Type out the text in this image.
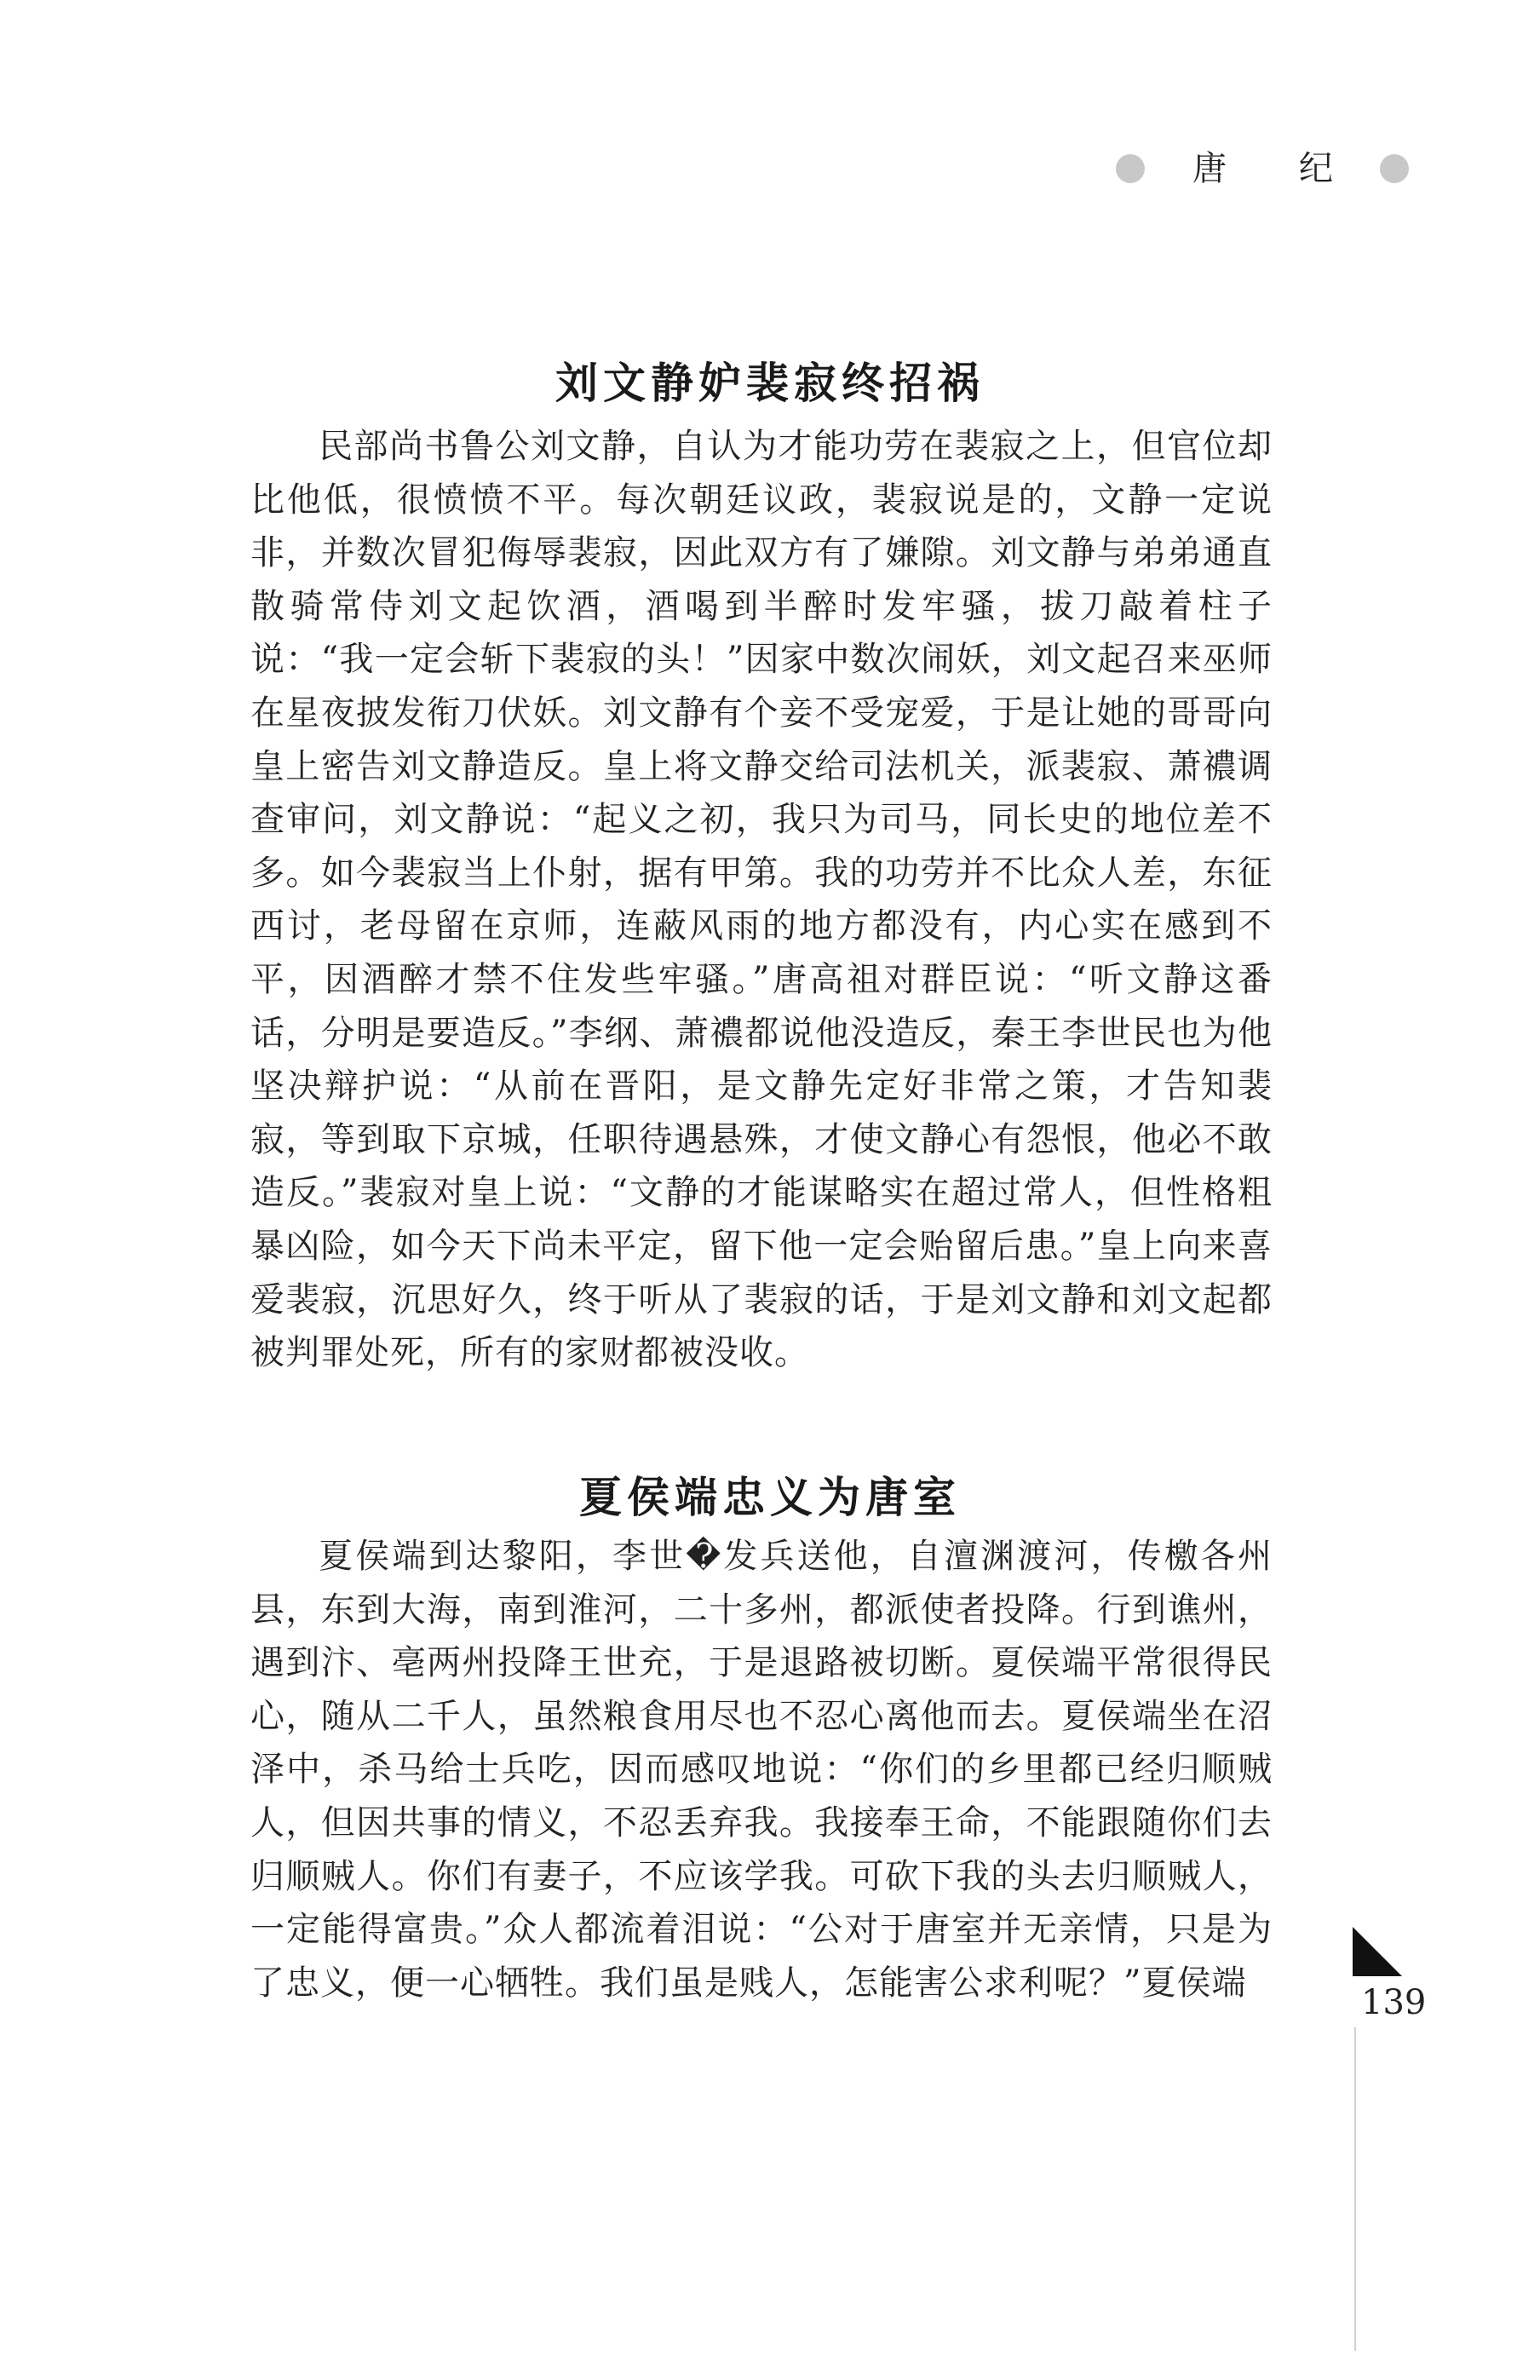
唐 纪
刘文静妒裴寂终招祸

民部尚书鲁公刘文静，自认为才能功劳在裴寂之上，但官位却比他低，很愤愤不平。每次朝廷议政，裴寂说是的，文静一定说非，并数次冒犯侮辱裴寂，因此双方有了嫌隙。刘文静与弟弟通直散骑常侍刘文起饮酒，酒喝到半醉时发牢骚，拔刀敲着柱子说：“我一定会斩下裴寂的头！”因家中数次闹妖，刘文起召来巫师在星夜披发衔刀伏妖。刘文静有个妾不受宠爱，于是让她的哥哥向皇上密告刘文静造反。皇上将文静交给司法机关，派裴寂、萧禯调查审问，刘文静说：“起义之初，我只为司马，同长史的地位差不多。如今裴寂当上仆射，据有甲第。我的功劳并不比众人差，东征西讨，老母留在京师，连蔽风雨的地方都没有，内心实在感到不平，因酒醉才禁不住发些牢骚。”唐高祖对群臣说：“听文静这番话，分明是要造反。”李纲、萧禯都说他没造反，秦王李世民也为他坚决辩护说：“从前在晋阳，是文静先定好非常之策，才告知裴寂，等到取下京城，任职待遇悬殊，才使文静心有怨恨，他必不敢造反。”裴寂对皇上说：“文静的才能谋略实在超过常人，但性格粗暴凶险，如今天下尚未平定，留下他一定会贻留后患。”皇上向来喜爱裴寂，沉思好久，终于听从了裴寂的话，于是刘文静和刘文起都被判罪处死，所有的家财都被没收。

夏侯端忠义为唐室

夏侯端到达黎阳，李世�发兵送他，自澶渊渡河，传檄各州县，东到大海，南到淮河，二十多州，都派使者投降。行到谯州，遇到汴、亳两州投降王世充，于是退路被切断。夏侯端平常很得民心，随从二千人，虽然粮食用尽也不忍心离他而去。夏侯端坐在沼泽中，杀马给士兵吃，因而感叹地说：“你们的乡里都已经归顺贼人，但因共事的情义，不忍丢弃我。我接奉王命，不能跟随你们去归顺贼人。你们有妻子，不应该学我。可砍下我的头去归顺贼人，一定能得富贵。”众人都流着泪说：“公对于唐室并无亲情，只是为了忠义，便一心牺牲。我们虽是贱人，怎能害公求利呢？”夏侯端

139
